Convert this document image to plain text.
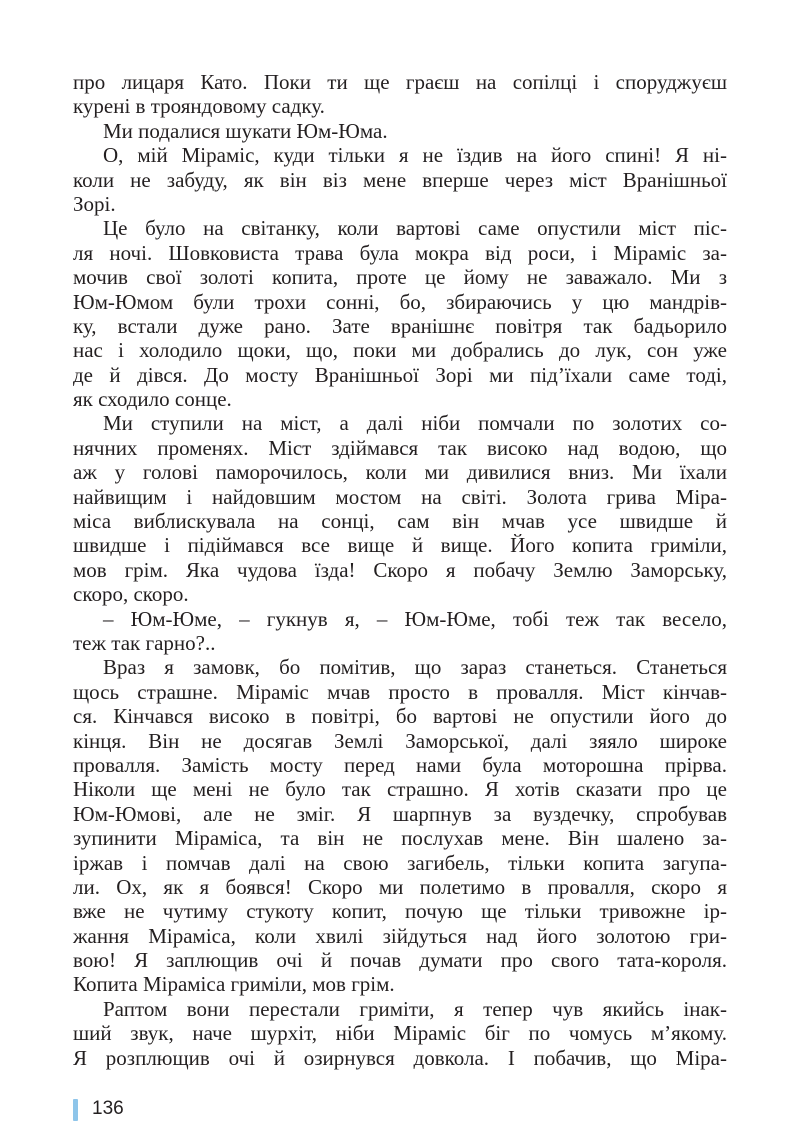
про лицаря Като. Поки ти ще граєш на сопілці і споруджуєш
курені в трояндовому садку.
Ми подалися шукати Юм-Юма.
О, мій Міраміс, куди тільки я не їздив на його спині! Я ні-
коли не забуду, як він віз мене вперше через міст Вранішньої
Зорі.
Це було на світанку, коли вартові саме опустили міст піс-
ля ночі. Шовковиста трава була мокра від роси, і Міраміс за-
мочив свої золоті копита, проте це йому не заважало. Ми з
Юм-Юмом були трохи сонні, бо, збираючись у цю мандрів-
ку, встали дуже рано. Зате вранішнє повітря так бадьорило
нас і холодило щоки, що, поки ми добрались до лук, сон уже
де й дівся. До мосту Вранішньої Зорі ми під’їхали саме тоді,
як сходило сонце.
Ми ступили на міст, а далі ніби помчали по золотих со-
нячних променях. Міст здіймався так високо над водою, що
аж у голові паморочилось, коли ми дивилися вниз. Ми їхали
найвищим і найдовшим мостом на світі. Золота грива Міра-
міса виблискувала на сонці, сам він мчав усе швидше й
швидше і підіймався все вище й вище. Його копита гриміли,
мов грім. Яка чудова їзда! Скоро я побачу Землю Заморську,
скоро, скоро.
– Юм-Юме, – гукнув я, – Юм-Юме, тобі теж так весело,
теж так гарно?..
Враз я замовк, бо помітив, що зараз станеться. Станеться
щось страшне. Міраміс мчав просто в провалля. Міст кінчав-
ся. Кінчався високо в повітрі, бо вартові не опустили його до
кінця. Він не досягав Землі Заморської, далі зяяло широке
провалля. Замість мосту перед нами була моторошна прірва.
Ніколи ще мені не було так страшно. Я хотів сказати про це
Юм-Юмові, але не зміг. Я шарпнув за вуздечку, спробував
зупинити Міраміса, та він не послухав мене. Він шалено за-
іржав і помчав далі на свою загибель, тільки копита загупа-
ли. Ох, як я боявся! Скоро ми полетимо в провалля, скоро я
вже не чутиму стукоту копит, почую ще тільки тривожне ір-
жання Міраміса, коли хвилі зійдуться над його золотою гри-
вою! Я заплющив очі й почав думати про свого тата-короля.
Копита Міраміса гриміли, мов грім.
Раптом вони перестали гриміти, я тепер чув якийсь інак-
ший звук, наче шурхіт, ніби Міраміс біг по чомусь м’якому.
Я розплющив очі й озирнувся довкола. І побачив, що Міра-
136
